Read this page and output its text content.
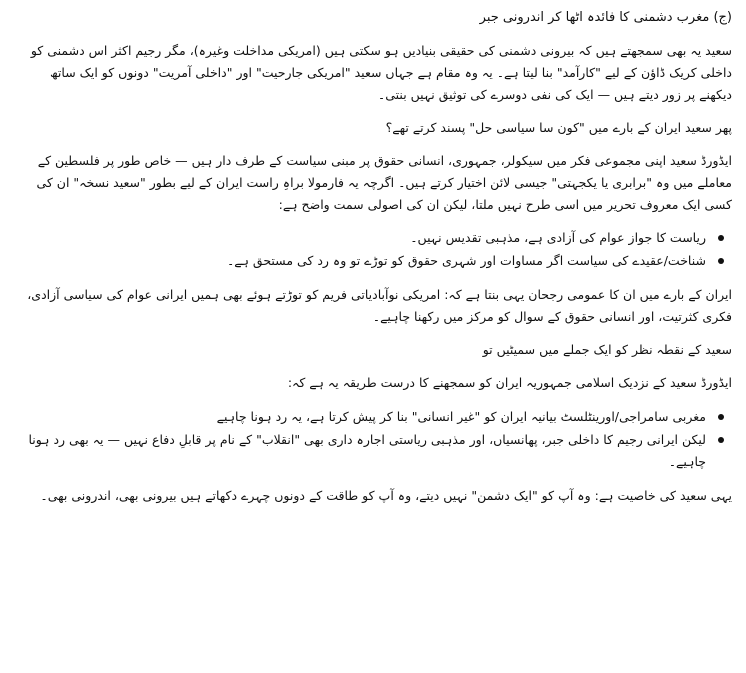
(ج) مغرب دشمنی کا فائدہ اٹھا کر اندرونی جبر

سعید یہ بھی سمجھتے ہیں کہ بیرونی دشمنی کی حقیقی بنیادیں ہو سکتی ہیں (امریکی مداخلت وغیرہ)، مگر رجیم اکثر اس دشمنی کو داخلی کریک ڈاؤن کے لیے "کارآمد" بنا لیتا ہے۔ یہ وہ مقام ہے جہاں سعید "امریکی جارحیت" اور "داخلی آمریت" دونوں کو ایک ساتھ دیکھنے پر زور دیتے ہیں — ایک کی نفی دوسرے کی توثیق نہیں بنتی۔

پھر سعید ایران کے بارے میں "کون سا سیاسی حل" پسند کرتے تھے؟

ایڈورڈ سعید اپنی مجموعی فکر میں سیکولر، جمہوری، انسانی حقوق پر مبنی سیاست کے طرف دار ہیں — خاص طور پر فلسطین کے معاملے میں وہ "برابری یا یکجہتی" جیسی لائن اختیار کرتے ہیں۔ اگرچہ یہ فارمولا براہِ راست ایران کے لیے بطور "سعید نسخہ" ان کی کسی ایک معروف تحریر میں اسی طرح نہیں ملتا، لیکن ان کی اصولی سمت واضح ہے:

ریاست کا جواز عوام کی آزادی ہے، مذہبی تقدیس نہیں۔
شناخت/عقیدے کی سیاست اگر مساوات اور شہری حقوق کو توڑے تو وہ رد کی مستحق ہے۔

ایران کے بارے میں ان کا عمومی رجحان یہی بنتا ہے کہ: امریکی نوآبادیاتی فریم کو توڑتے ہوئے بھی ہمیں ایرانی عوام کی سیاسی آزادی، فکری کثرتیت، اور انسانی حقوق کے سوال کو مرکز میں رکھنا چاہیے۔

سعید کے نقطہ نظر کو ایک جملے میں سمیٹیں تو

ایڈورڈ سعید کے نزدیک اسلامی جمہوریہ ایران کو سمجھنے کا درست طریقہ یہ ہے کہ:

مغربی سامراجی/اورینٹلسٹ بیانیہ ایران کو "غیر انسانی" بنا کر پیش کرتا ہے، یہ رد ہونا چاہیے
لیکن ایرانی رجیم کا داخلی جبر، پھانسیاں، اور مذہبی ریاستی اجارہ داری بھی "انقلاب" کے نام پر قابلِ دفاع نہیں — یہ بھی رد ہونا چاہیے۔

یہی سعید کی خاصیت ہے: وہ آپ کو "ایک دشمن" نہیں دیتے، وہ آپ کو طاقت کے دونوں چہرے دکھاتے ہیں بیرونی بھی، اندرونی بھی۔
